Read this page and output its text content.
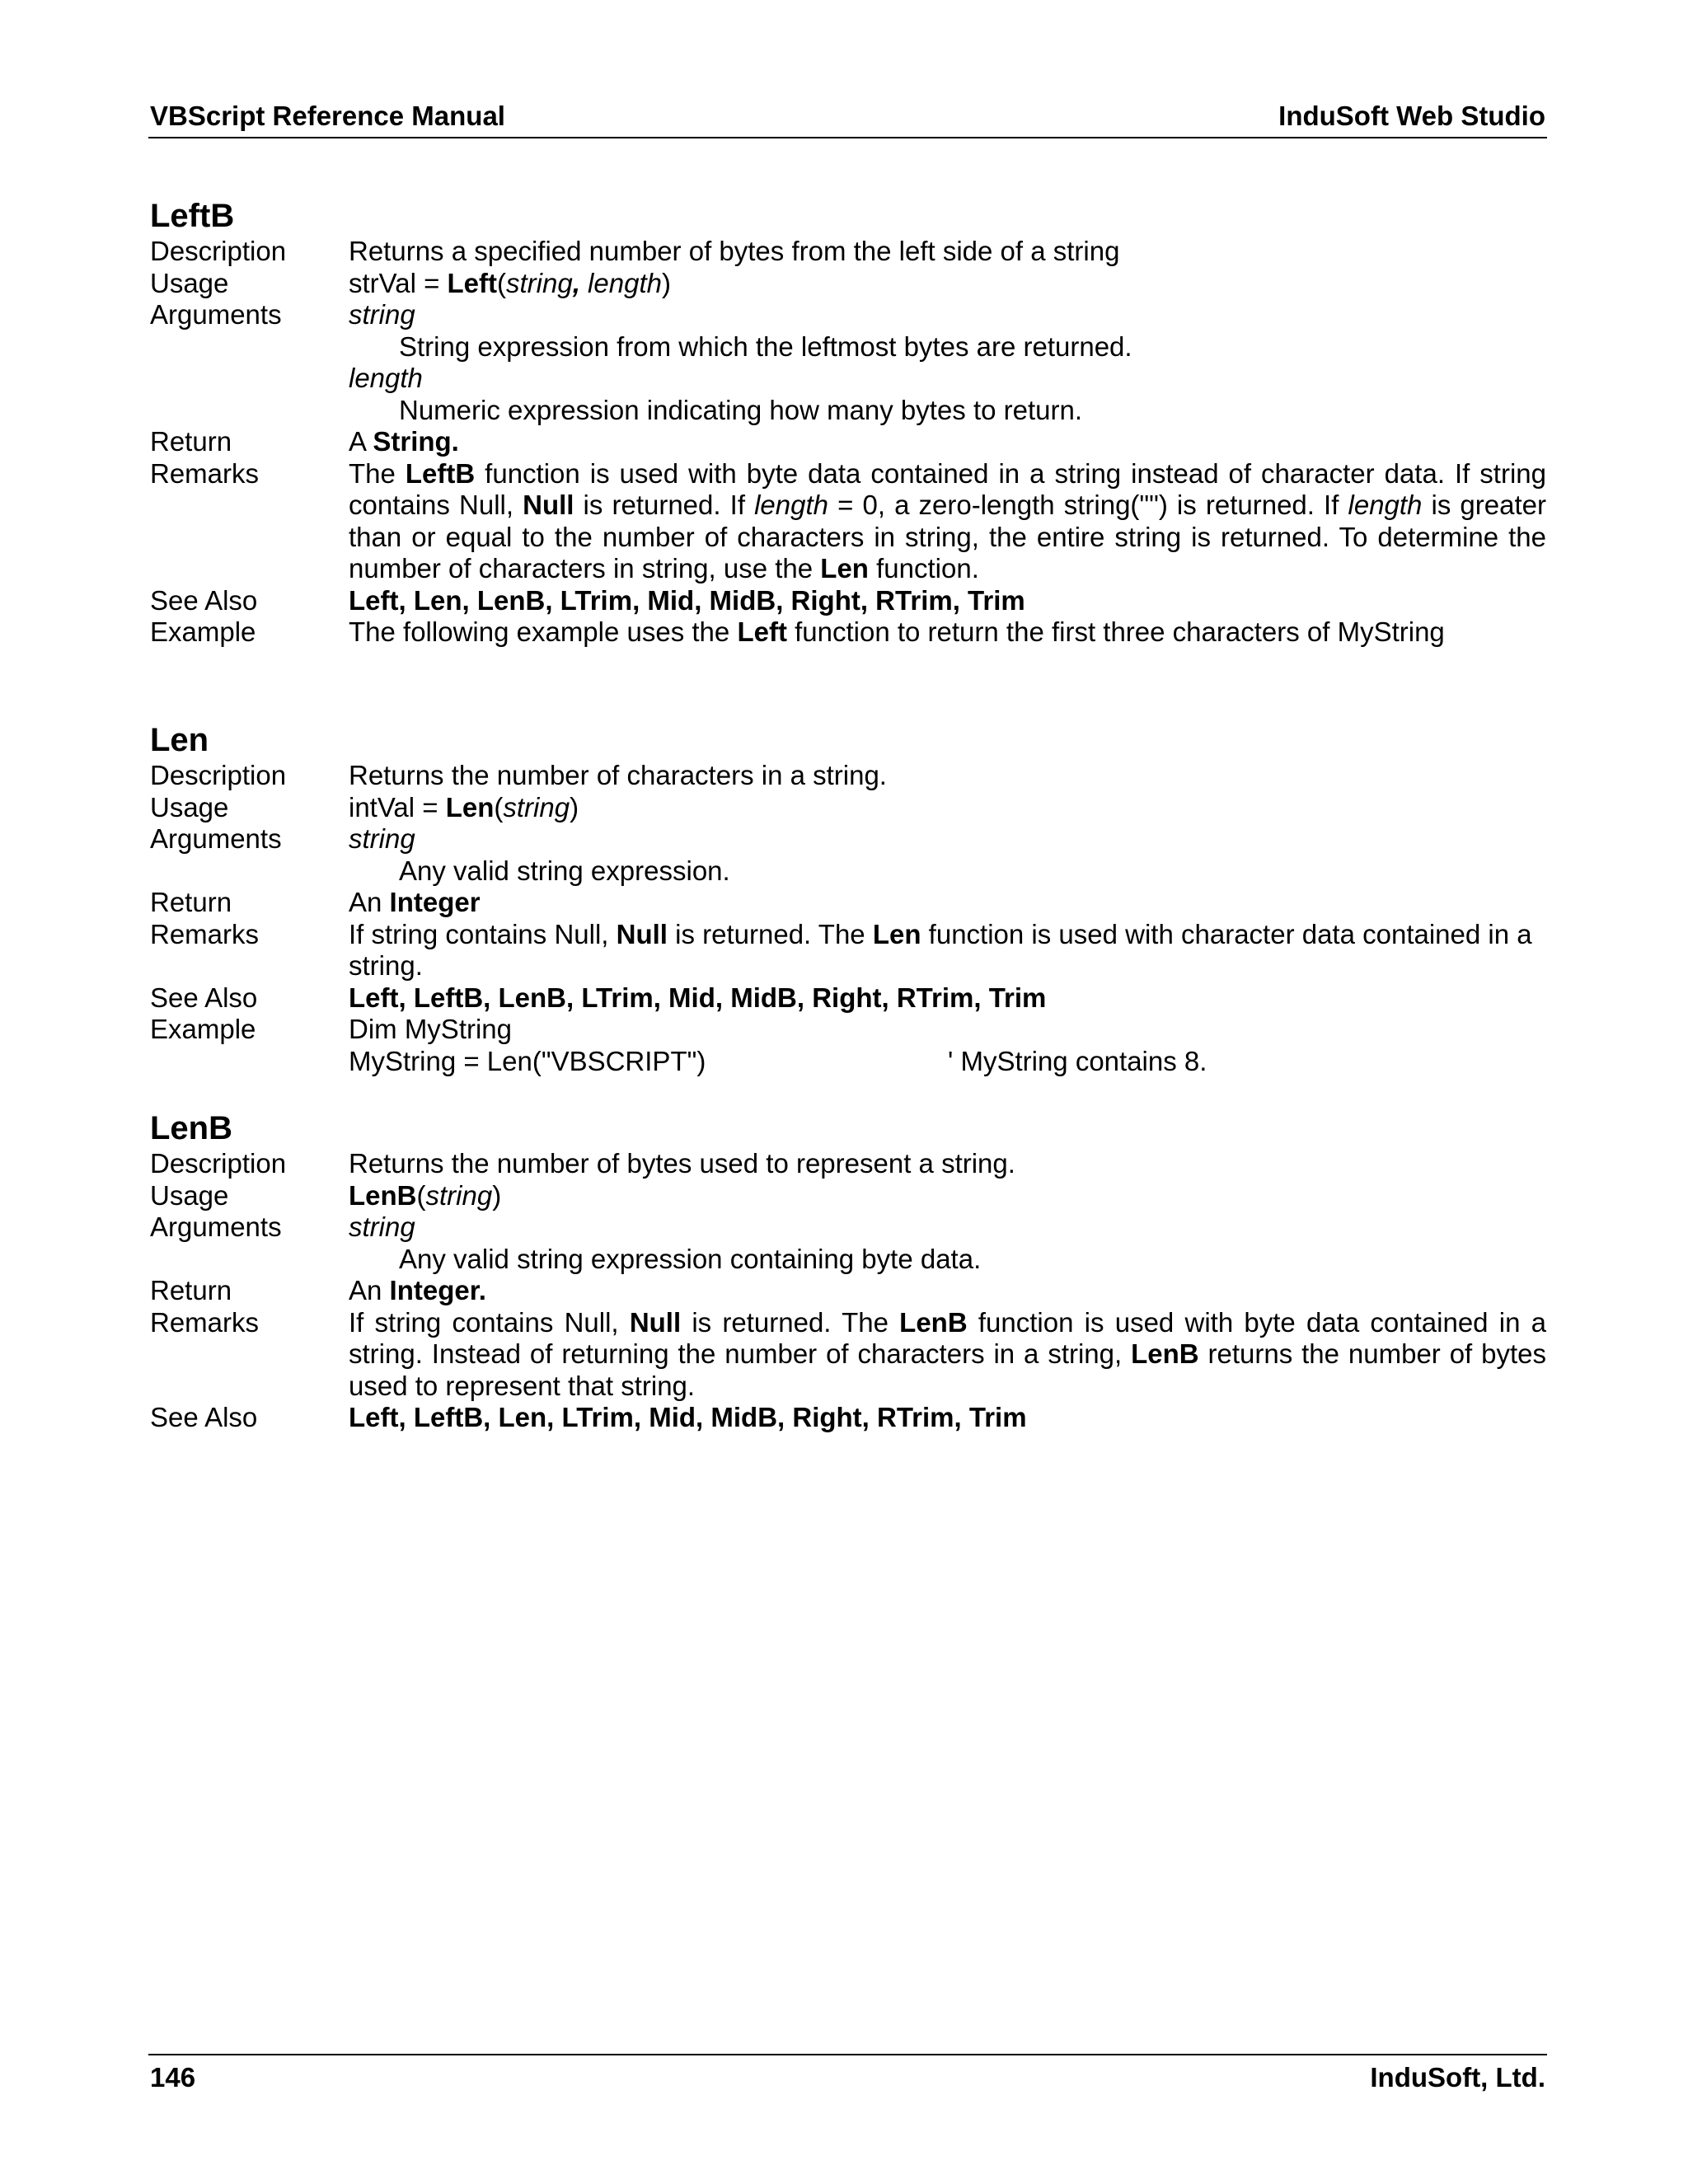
VBScript Reference Manual	InduSoft Web Studio
LeftB
Description	Returns a specified number of bytes from the left side of a string
Usage	strVal = Left(string, length)
Arguments	string
String expression from which the leftmost bytes are returned.
length
Numeric expression indicating how many bytes to return.
Return	A String.
Remarks	The LeftB function is used with byte data contained in a string instead of character data. If string contains Null, Null is returned. If length = 0, a zero-length string("") is returned. If length is greater than or equal to the number of characters in string, the entire string is returned. To determine the number of characters in string, use the Len function.
See Also	Left, Len, LenB, LTrim, Mid, MidB, Right, RTrim, Trim
Example	The following example uses the Left function to return the first three characters of MyString
Len
Description	Returns the number of characters in a string.
Usage	intVal = Len(string)
Arguments	string
Any valid string expression.
Return	An Integer
Remarks	If string contains Null, Null is returned. The Len function is used with character data contained in a string.
See Also	Left, LeftB, LenB, LTrim, Mid, MidB, Right, RTrim, Trim
Example	Dim MyString
MyString = Len("VBSCRIPT")	' MyString contains 8.
LenB
Description	Returns the number of bytes used to represent a string.
Usage	LenB(string)
Arguments	string
Any valid string expression containing byte data.
Return	An Integer.
Remarks	If string contains Null, Null is returned. The LenB function is used with byte data contained in a string. Instead of returning the number of characters in a string, LenB returns the number of bytes used to represent that string.
See Also	Left, LeftB, Len, LTrim, Mid, MidB, Right, RTrim, Trim
146	InduSoft, Ltd.
